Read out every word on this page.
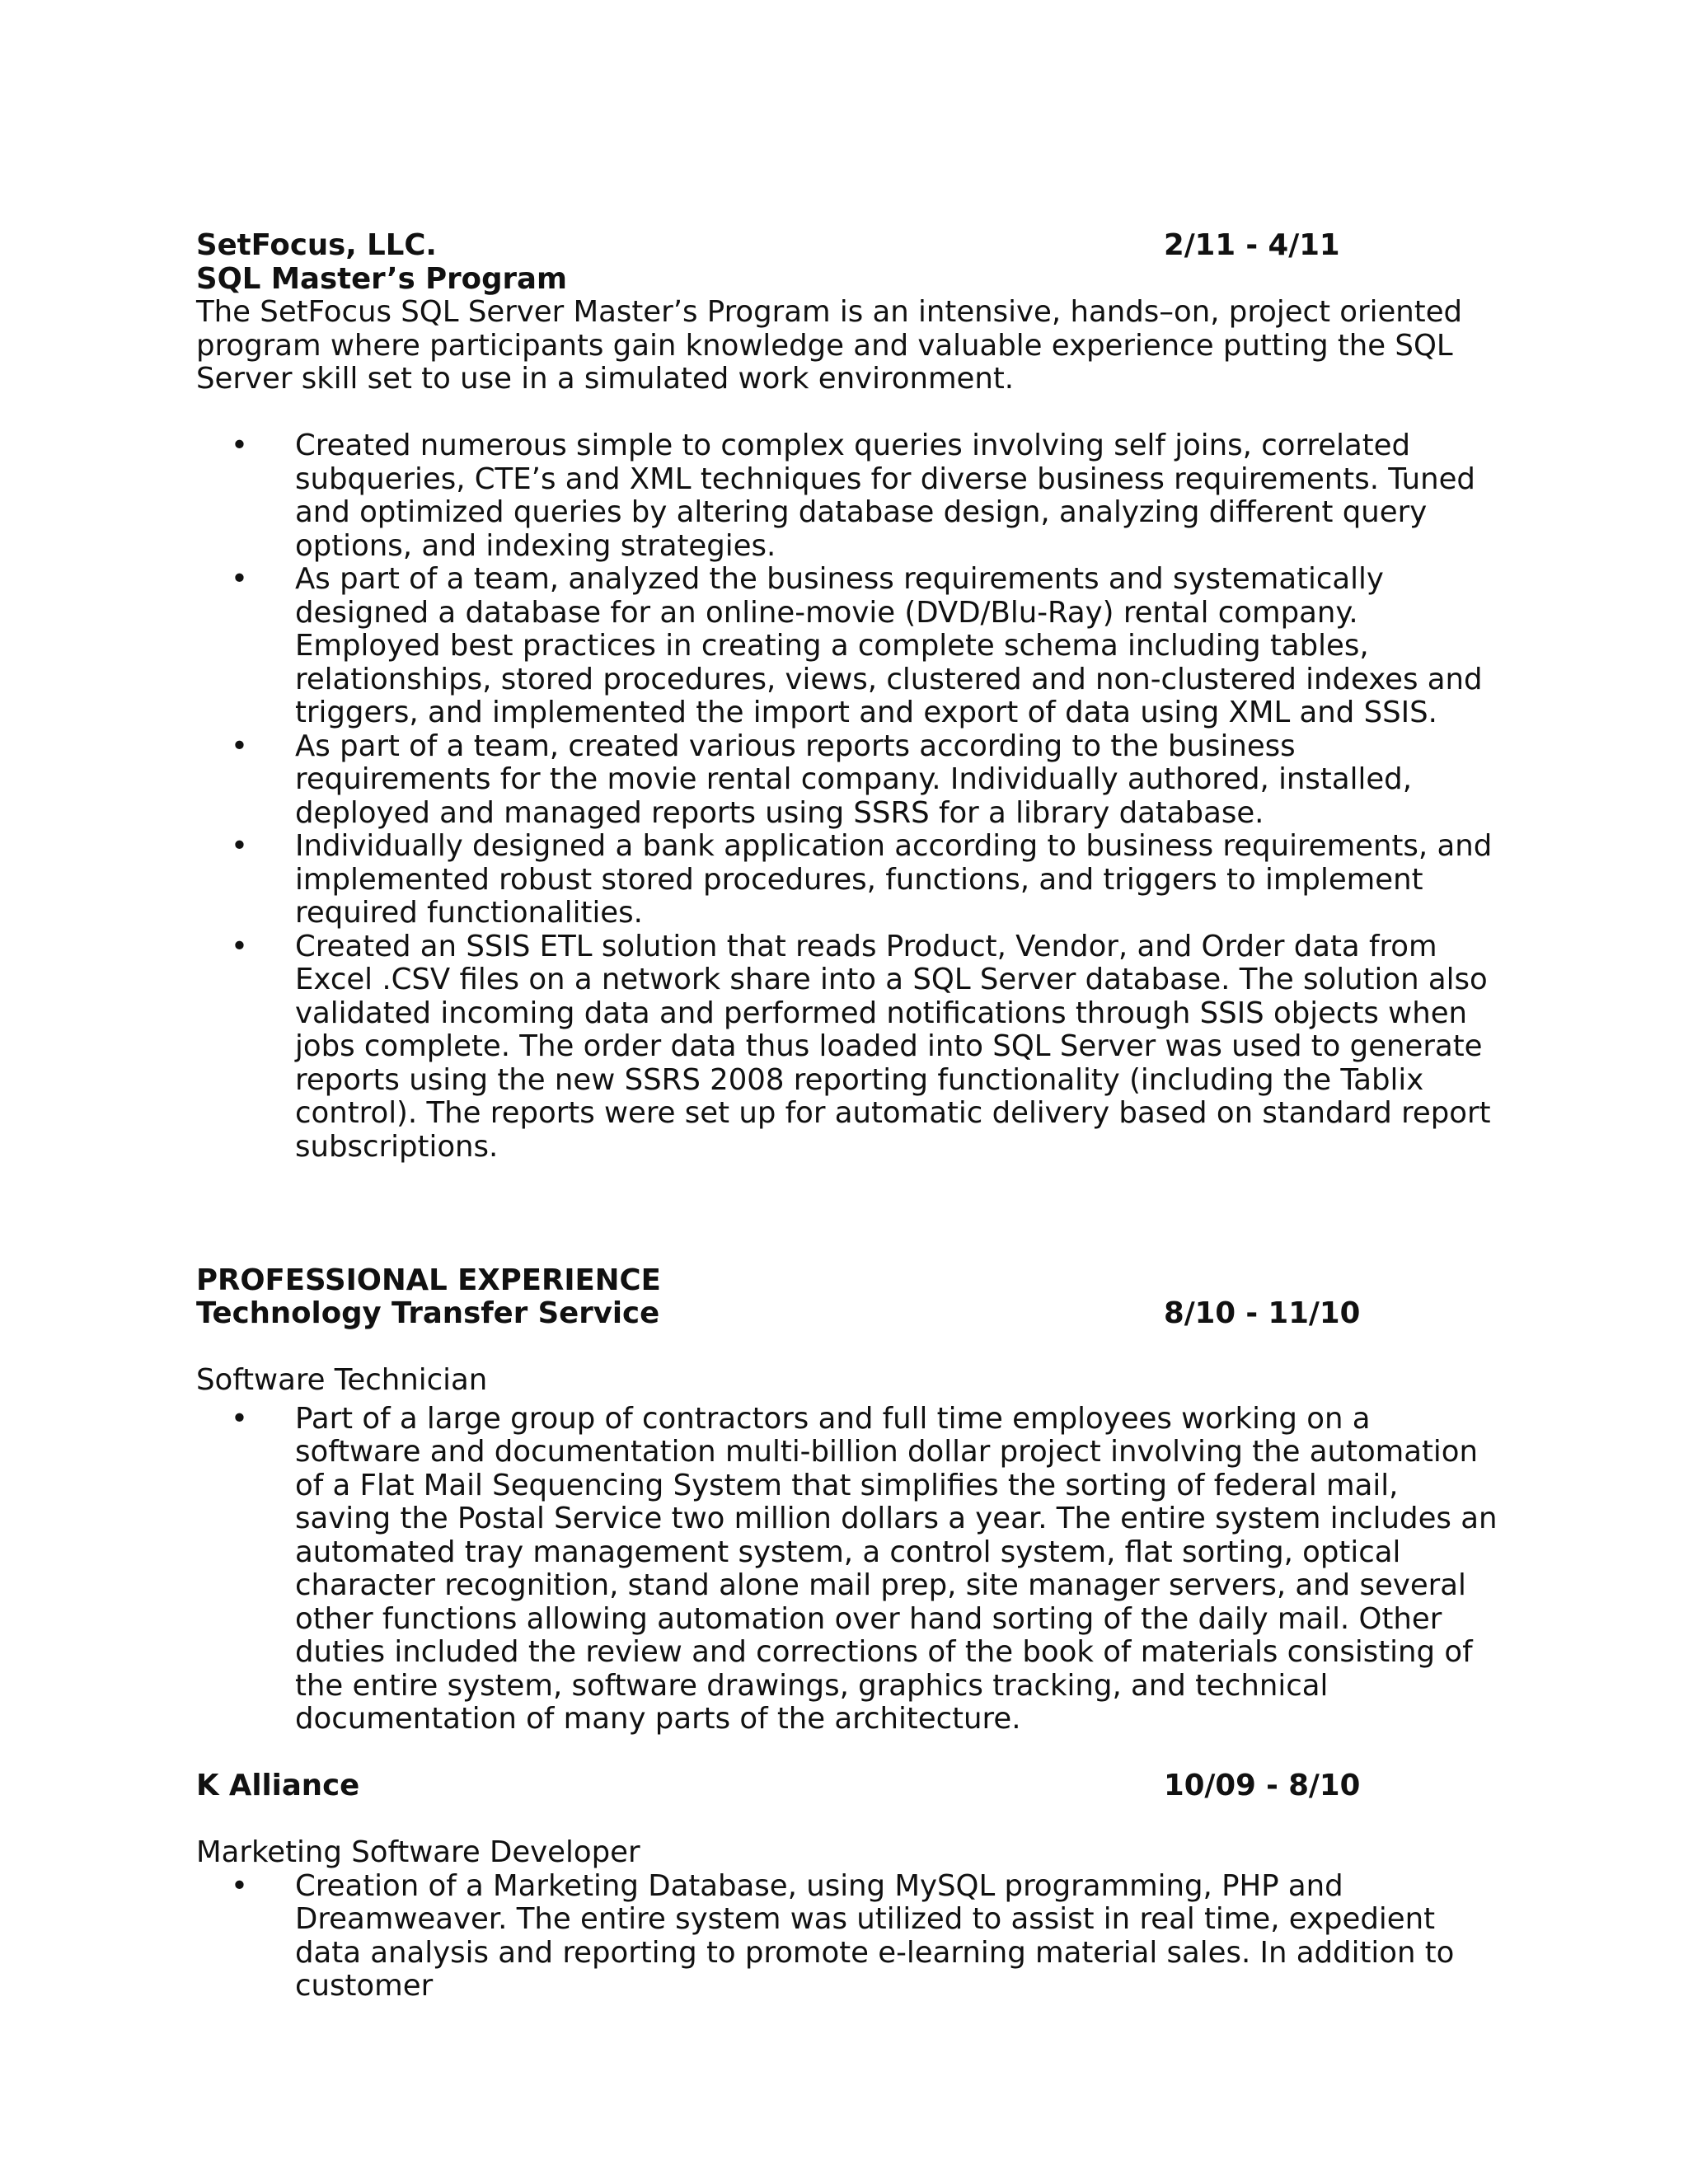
SetFocus, LLC.	2/11 - 4/11
SQL Master’s Program

The SetFocus SQL Server Master’s Program is an intensive, hands–on, project oriented program where participants gain knowledge and valuable experience putting the SQL Server skill set to use in a simulated work environment.

• Created numerous simple to complex queries involving self joins, correlated subqueries, CTE’s and XML techniques for diverse business requirements. Tuned and optimized queries by altering database design, analyzing different query options, and indexing strategies.
• As part of a team, analyzed the business requirements and systematically designed a database for an online-movie (DVD/Blu-Ray) rental company. Employed best practices in creating a complete schema including tables, relationships, stored procedures, views, clustered and non-clustered indexes and triggers, and implemented the import and export of data using XML and SSIS.
• As part of a team, created various reports according to the business requirements for the movie rental company. Individually authored, installed, deployed and managed reports using SSRS for a library database.
• Individually designed a bank application according to business requirements, and implemented robust stored procedures, functions, and triggers to implement required functionalities.
• Created an SSIS ETL solution that reads Product, Vendor, and Order data from Excel .CSV files on a network share into a SQL Server database. The solution also validated incoming data and performed notifications through SSIS objects when jobs complete. The order data thus loaded into SQL Server was used to generate reports using the new SSRS 2008 reporting functionality (including the Tablix control). The reports were set up for automatic delivery based on standard report subscriptions.
PROFESSIONAL EXPERIENCE
Technology Transfer Service	8/10 - 11/10
Software Technician
• Part of a large group of contractors and full time employees working on a software and documentation multi-billion dollar project involving the automation of a Flat Mail Sequencing System that simplifies the sorting of federal mail, saving the Postal Service two million dollars a year. The entire system includes an automated tray management system, a control system, flat sorting, optical character recognition, stand alone mail prep, site manager servers, and several other functions allowing automation over hand sorting of the daily mail. Other duties included the review and corrections of the book of materials consisting of the entire system, software drawings, graphics tracking, and technical documentation of many parts of the architecture.
K Alliance	10/09 - 8/10
Marketing Software Developer
• Creation of a Marketing Database, using MySQL programming, PHP and Dreamweaver. The entire system was utilized to assist in real time, expedient data analysis and reporting to promote e-learning material sales. In addition to customer
